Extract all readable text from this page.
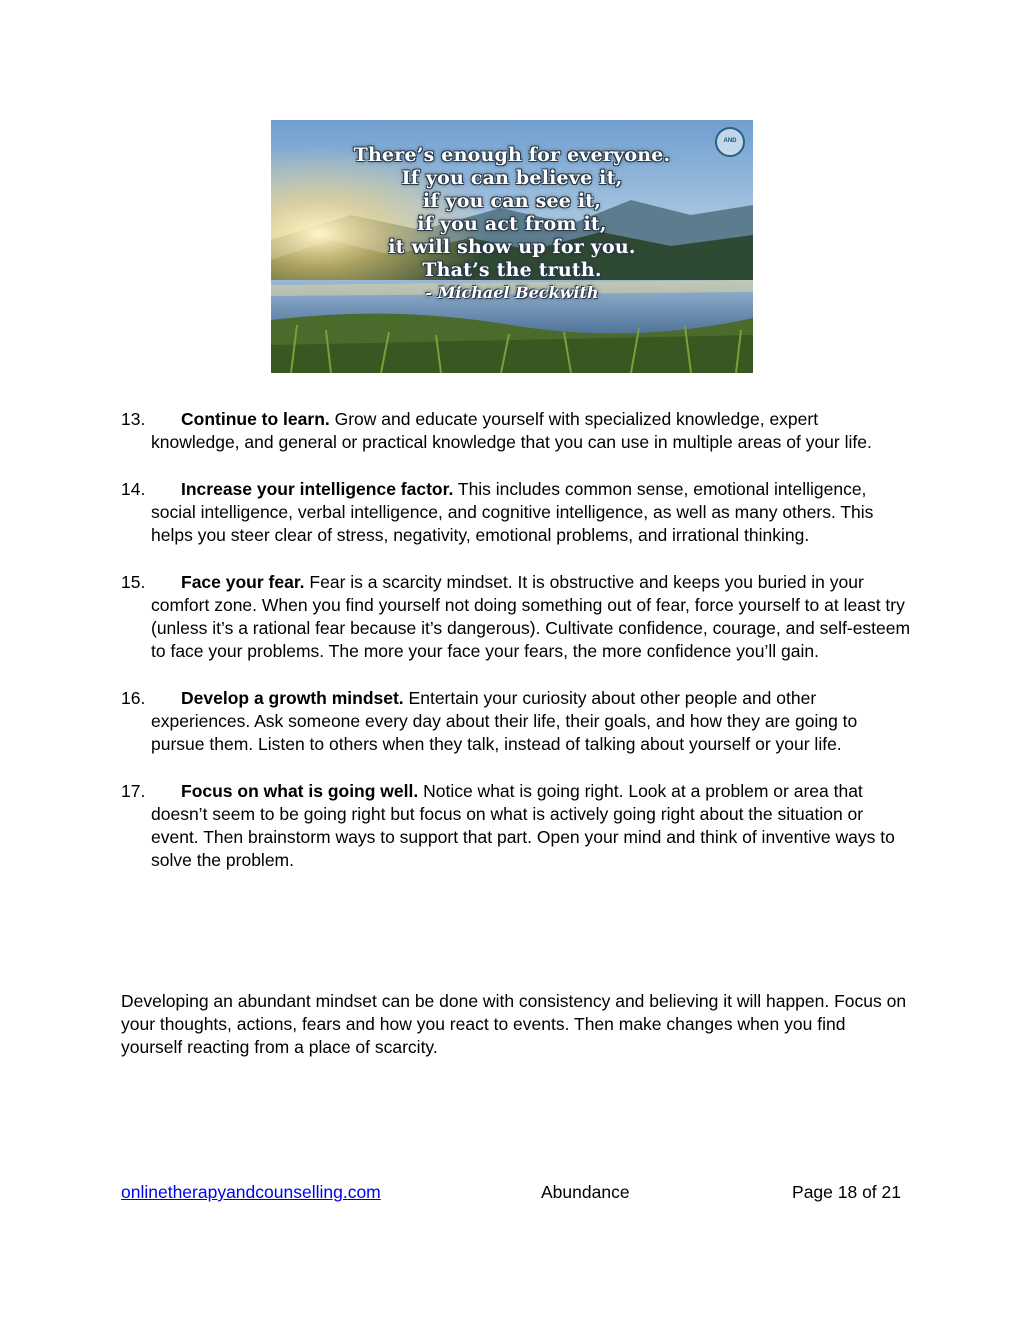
There’s enough for everyone.
If you can believe it,
if you can see it,
if you act from it,
it will show up for you.
That’s the truth.
- Michael Beckwith
AND
13.	Continue to learn. Grow and educate yourself with specialized knowledge, expert knowledge, and general or practical knowledge that you can use in multiple areas of your life.
14.	Increase your intelligence factor. This includes common sense, emotional intelligence, social intelligence, verbal intelligence, and cognitive intelligence, as well as many others. This helps you steer clear of stress, negativity, emotional problems, and irrational thinking.
15.	Face your fear. Fear is a scarcity mindset. It is obstructive and keeps you buried in your comfort zone. When you find yourself not doing something out of fear, force yourself to at least try (unless it’s a rational fear because it’s dangerous). Cultivate confidence, courage, and self-esteem to face your problems. The more your face your fears, the more confidence you’ll gain.
16.	Develop a growth mindset. Entertain your curiosity about other people and other experiences. Ask someone every day about their life, their goals, and how they are going to pursue them. Listen to others when they talk, instead of talking about yourself or your life.
17.	Focus on what is going well. Notice what is going right. Look at a problem or area that doesn’t seem to be going right but focus on what is actively going right about the situation or event. Then brainstorm ways to support that part. Open your mind and think of inventive ways to solve the problem.

Developing an abundant mindset can be done with consistency and believing it will happen. Focus on your thoughts, actions, fears and how you react to events. Then make changes when you find yourself reacting from a place of scarcity.

onlinetherapyandcounselling.com	Abundance	Page 18 of 21
